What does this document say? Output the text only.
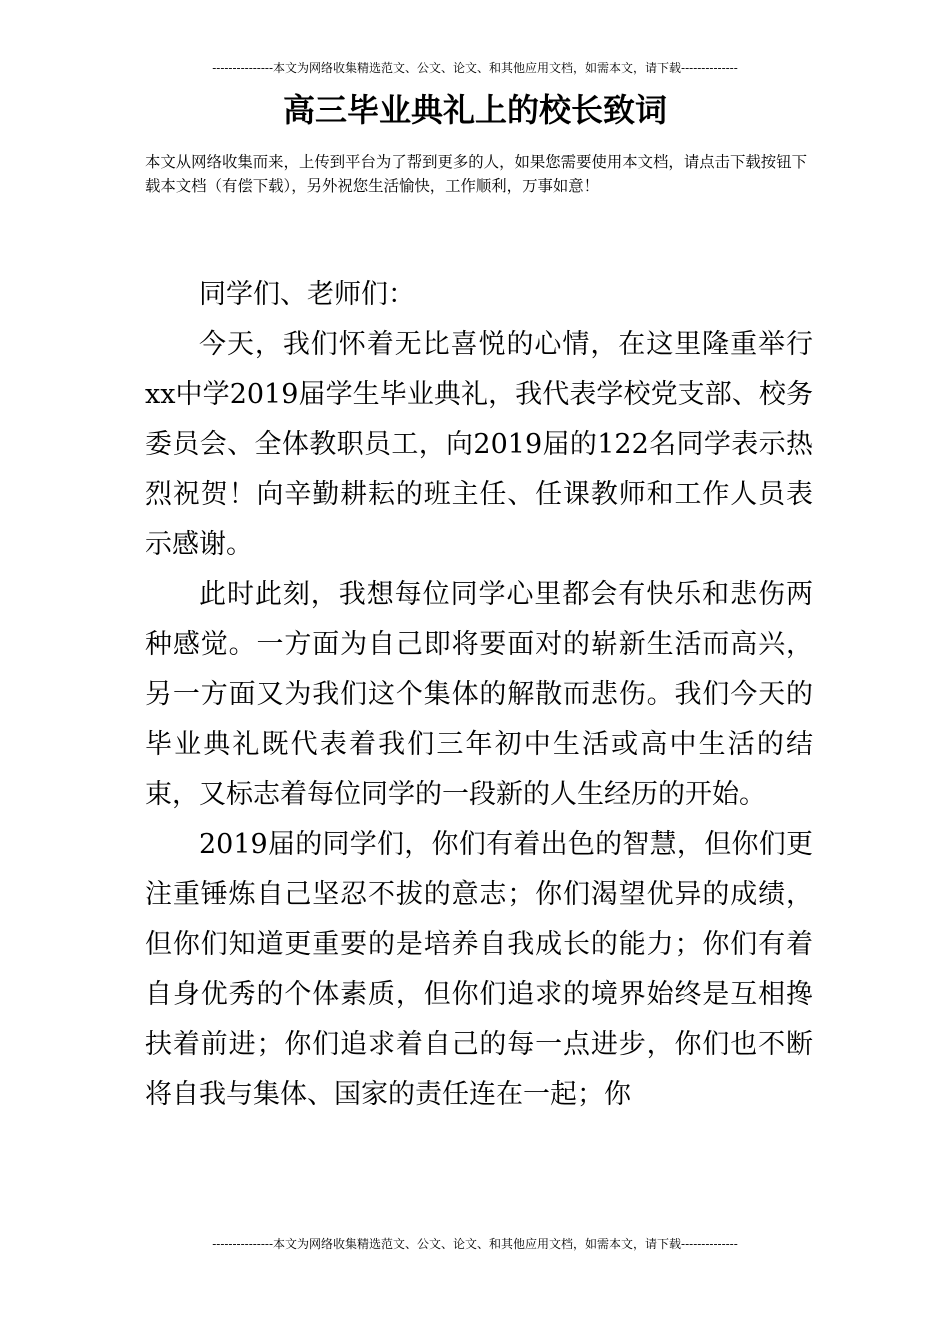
---------------本文为网络收集精选范文、公文、论文、和其他应用文档，如需本文，请下载--------------
高三毕业典礼上的校长致词
本文从网络收集而来，上传到平台为了帮到更多的人，如果您需要使用本文档，请点击下载按钮下载本文档（有偿下载），另外祝您生活愉快，工作顺利，万事如意！

同学们、老师们：

今天，我们怀着无比喜悦的心情，在这里隆重举行xx中学2019届学生毕业典礼，我代表学校党支部、校务委员会、全体教职员工，向2019届的122名同学表示热烈祝贺！向辛勤耕耘的班主任、任课教师和工作人员表示感谢。

此时此刻，我想每位同学心里都会有快乐和悲伤两种感觉。一方面为自己即将要面对的崭新生活而高兴，另一方面又为我们这个集体的解散而悲伤。我们今天的毕业典礼既代表着我们三年初中生活或高中生活的结束，又标志着每位同学的一段新的人生经历的开始。

2019届的同学们，你们有着出色的智慧，但你们更注重锤炼自己坚忍不拔的意志；你们渴望优异的成绩，但你们知道更重要的是培养自我成长的能力；你们有着自身优秀的个体素质，但你们追求的境界始终是互相搀扶着前进；你们追求着自己的每一点进步，你们也不断将自我与集体、国家的责任连在一起；你

---------------本文为网络收集精选范文、公文、论文、和其他应用文档，如需本文，请下载--------------
